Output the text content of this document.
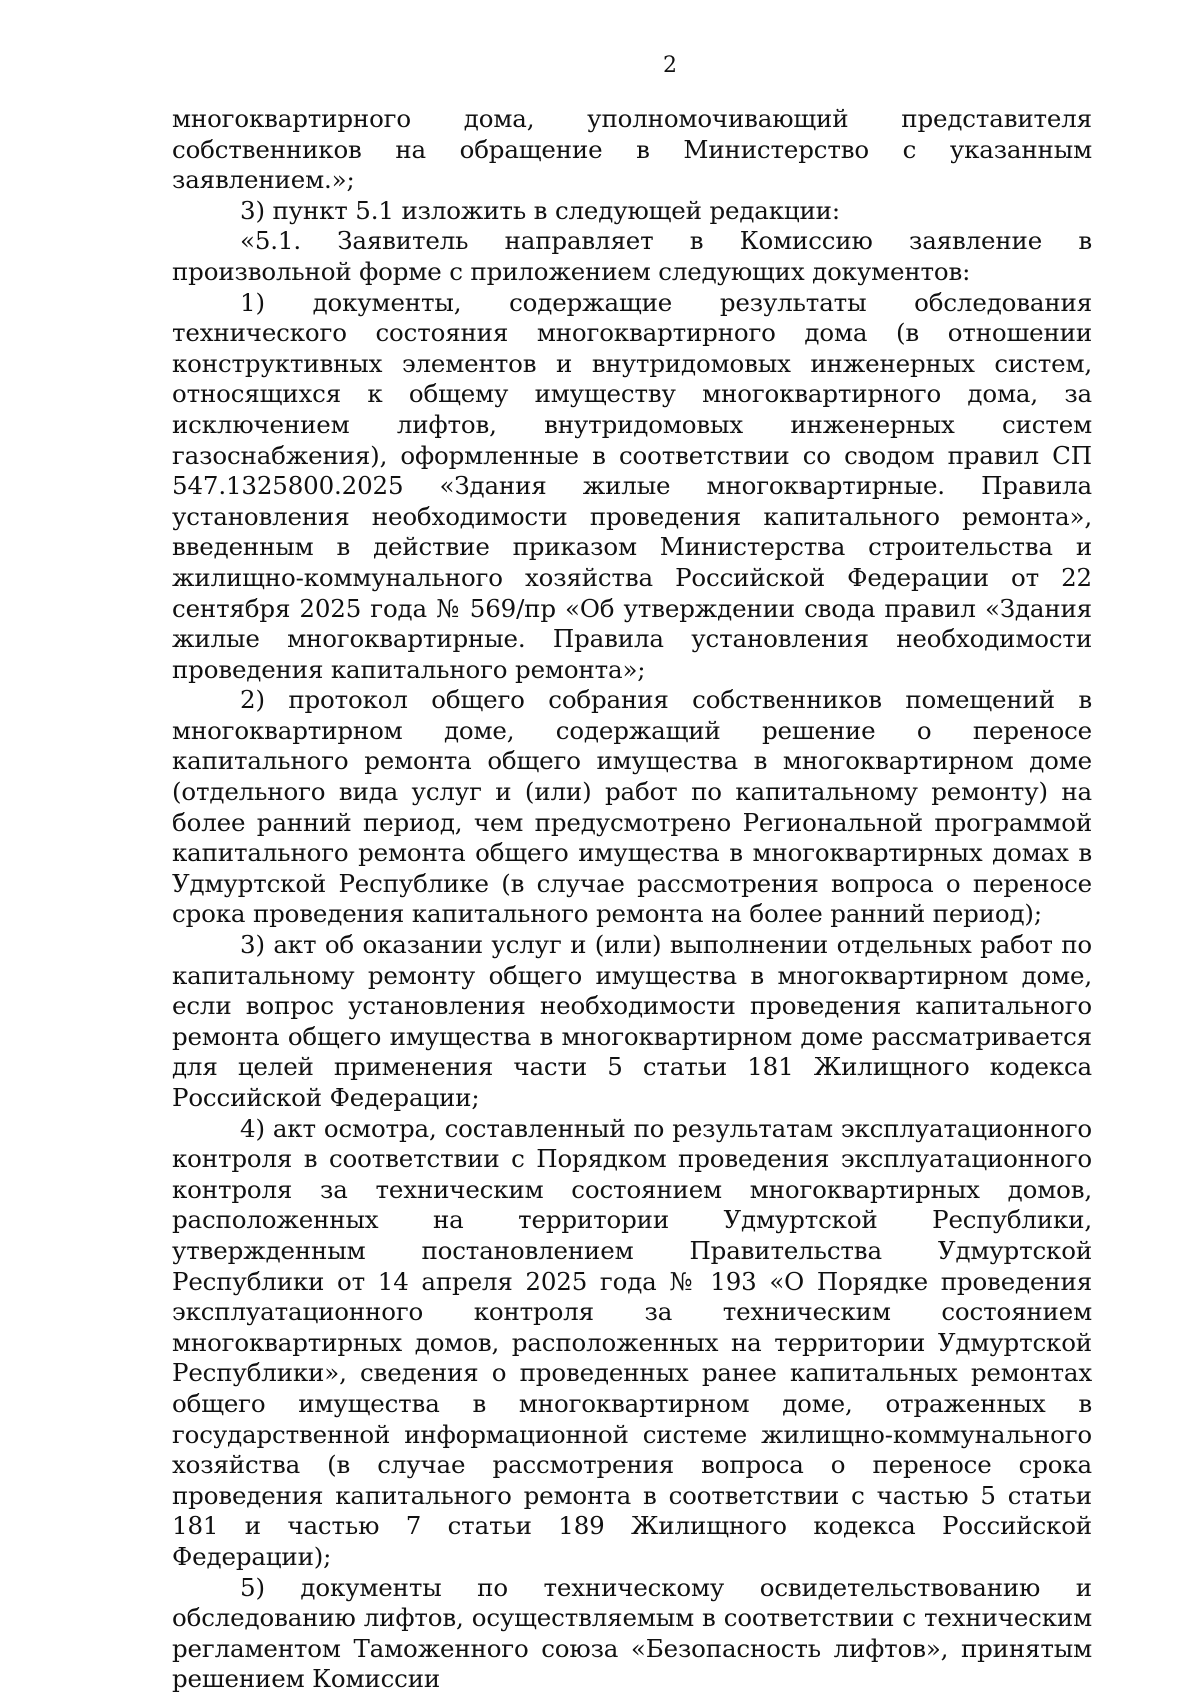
2

многоквартирного дома, уполномочивающий представителя собственников на обращение в Министерство с указанным заявлением.»;

3) пункт 5.1 изложить в следующей редакции:

«5.1. Заявитель направляет в Комиссию заявление в произвольной форме с приложением следующих документов:

1) документы, содержащие результаты обследования технического состояния многоквартирного дома (в отношении конструктивных элементов и внутридомовых инженерных систем, относящихся к общему имуществу многоквартирного дома, за исключением лифтов, внутридомовых инженерных систем газоснабжения), оформленные в соответствии со сводом правил СП 547.1325800.2025 «Здания жилые многоквартирные. Правила установления необходимости проведения капитального ремонта», введенным в действие приказом Министерства строительства и жилищно-коммунального хозяйства Российской Федерации от 22 сентября 2025 года № 569/пр «Об утверждении свода правил «Здания жилые многоквартирные. Правила установления необходимости проведения капитального ремонта»;

2) протокол общего собрания собственников помещений в многоквартирном доме, содержащий решение о переносе капитального ремонта общего имущества в многоквартирном доме (отдельного вида услуг и (или) работ по капитальному ремонту) на более ранний период, чем предусмотрено Региональной программой капитального ремонта общего имущества в многоквартирных домах в Удмуртской Республике (в случае рассмотрения вопроса о переносе срока проведения капитального ремонта на более ранний период);

3) акт об оказании услуг и (или) выполнении отдельных работ по капитальному ремонту общего имущества в многоквартирном доме, если вопрос установления необходимости проведения капитального ремонта общего имущества в многоквартирном доме рассматривается для целей применения части 5 статьи 181 Жилищного кодекса Российской Федерации;

4) акт осмотра, составленный по результатам эксплуатационного контроля в соответствии с Порядком проведения эксплуатационного контроля за техническим состоянием многоквартирных домов, расположенных на территории Удмуртской Республики, утвержденным постановлением Правительства Удмуртской Республики от 14 апреля 2025 года № 193 «О Порядке проведения эксплуатационного контроля за техническим состоянием многоквартирных домов, расположенных на территории Удмуртской Республики», сведения о проведенных ранее капитальных ремонтах общего имущества в многоквартирном доме, отраженных в государственной информационной системе жилищно-коммунального хозяйства (в случае рассмотрения вопроса о переносе срока проведения капитального ремонта в соответствии с частью 5 статьи 181 и частью 7 статьи 189 Жилищного кодекса Российской Федерации);

5) документы по техническому освидетельствованию и обследованию лифтов, осуществляемым в соответствии с техническим регламентом Таможенного союза «Безопасность лифтов», принятым решением Комиссии
